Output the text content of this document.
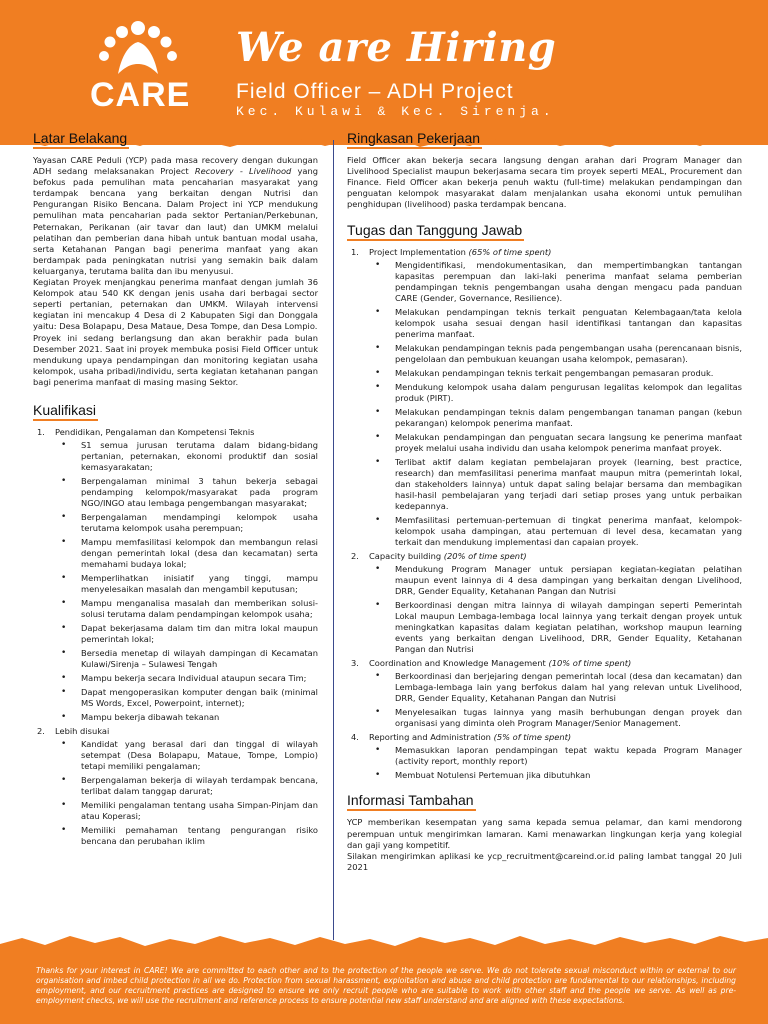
CARE
We are Hiring
Field Officer – ADH Project
Kec. Kulawi & Kec. Sirenja.
Latar Belakang

Yayasan CARE Peduli (YCP) pada masa recovery dengan dukungan ADH sedang melaksanakan Project Recovery - Livelihood yang befokus pada pemulihan mata pencaharian masyarakat yang terdampak bencana yang berkaitan dengan Nutrisi dan Pengurangan Risiko Bencana. Dalam Project ini YCP mendukung pemulihan mata pencaharian pada sektor Pertanian/Perkebunan, Peternakan, Perikanan (air tavar dan laut) dan UMKM melalui pelatihan dan pemberian dana hibah untuk bantuan modal usaha, serta Ketahanan Pangan bagi penerima manfaat yang akan berdampak pada peningkatan nutrisi yang semakin baik dalam keluarganya, terutama balita dan ibu menyusui.

Kegiatan Proyek menjangkau penerima manfaat dengan jumlah 36 Kelompok atau 540 KK dengan jenis usaha dari berbagai sector seperti pertanian, peternakan dan UMKM. Wilayah intervensi kegiatan ini mencakup 4 Desa di 2 Kabupaten Sigi dan Donggala yaitu: Desa Bolapapu, Desa Mataue, Desa Tompe, dan Desa Lompio.

Proyek ini sedang berlangsung dan akan berakhir pada bulan Desember 2021. Saat ini proyek membuka posisi Field Officer untuk mendukung upaya pendampingan dan monitoring kegiatan usaha kelompok, usaha pribadi/individu, serta kegiatan ketahanan pangan bagi penerima manfaat di masing masing Sektor.

Kualifikasi
1. Pendidikan, Pengalaman dan Kompetensi Teknis
• S1 semua jurusan terutama dalam bidang-bidang pertanian, peternakan, ekonomi produktif dan sosial kemasyarakatan;
• Berpengalaman minimal 3 tahun bekerja sebagai pendamping kelompok/masyarakat pada program NGO/INGO atau lembaga pengembangan masyarakat;
• Berpengalaman mendampingi kelompok usaha terutama kelompok usaha perempuan;
• Mampu memfasilitasi kelompok dan membangun relasi dengan pemerintah lokal (desa dan kecamatan) serta memahami budaya lokal;
• Memperlihatkan inisiatif yang tinggi, mampu menyelesaikan masalah dan mengambil keputusan;
• Mampu menganalisa masalah dan memberikan solusi-solusi terutama dalam pendampingan kelompok usaha;
• Dapat bekerjasama dalam tim dan mitra lokal maupun pemerintah lokal;
• Bersedia menetap di wilayah dampingan di Kecamatan Kulawi/Sirenja – Sulawesi Tengah
• Mampu bekerja secara Individual ataupun secara Tim;
• Dapat mengoperasikan komputer dengan baik (minimal MS Words, Excel, Powerpoint, internet);
• Mampu bekerja dibawah tekanan
2. Lebih disukai
• Kandidat yang berasal dari dan tinggal di wilayah setempat (Desa Bolapapu, Mataue, Tompe, Lompio) tetapi memiliki pengalaman;
• Berpengalaman bekerja di wilayah terdampak bencana, terlibat dalam tanggap darurat;
• Memiliki pengalaman tentang usaha Simpan-Pinjam dan atau Koperasi;
• Memiliki pemahaman tentang pengurangan risiko bencana dan perubahan iklim
Ringkasan Pekerjaan

Field Officer akan bekerja secara langsung dengan arahan dari Program Manager dan Livelihood Specialist maupun bekerjasama secara tim proyek seperti MEAL, Procurement dan Finance. Field Officer akan bekerja penuh waktu (full-time) melakukan pendampingan dan penguatan kelompok masyarakat dalam menjalankan usaha ekonomi untuk pemulihan penghidupan (livelihood) paska terdampak bencana.

Tugas dan Tanggung Jawab
1. Project Implementation (65% of time spent)
• Mengidentifikasi, mendokumentasikan, dan mempertimbangkan tantangan kapasitas perempuan dan laki-laki penerima manfaat selama pemberian pendampingan teknis pengembangan usaha dengan mengacu pada panduan CARE (Gender, Governance, Resilience).
• Melakukan pendampingan teknis terkait penguatan Kelembagaan/tata kelola kelompok usaha sesuai dengan hasil identifikasi tantangan dan kapasitas penerima manfaat.
• Melakukan pendampingan teknis pada pengembangan usaha (perencanaan bisnis, pengelolaan dan pembukuan keuangan usaha kelompok, pemasaran).
• Melakukan pendampingan teknis terkait pengembangan pemasaran produk.
• Mendukung kelompok usaha dalam pengurusan legalitas kelompok dan legalitas produk (PIRT).
• Melakukan pendampingan teknis dalam pengembangan tanaman pangan (kebun pekarangan) kelompok penerima manfaat.
• Melakukan pendampingan dan penguatan secara langsung ke penerima manfaat proyek melalui usaha individu dan usaha kelompok penerima manfaat proyek.
• Terlibat aktif dalam kegiatan pembelajaran proyek (learning, best practice, research) dan memfasilitasi penerima manfaat maupun mitra (pemerintah lokal, dan stakeholders lainnya) untuk dapat saling belajar bersama dan membagikan hasil-hasil pembelajaran yang terjadi dari setiap proses yang untuk perbaikan kedepannya.
• Memfasilitasi pertemuan-pertemuan di tingkat penerima manfaat, kelompok-kelompok usaha dampingan, atau pertemuan di level desa, kecamatan yang terkait dan mendukung implementasi dan capaian proyek.
2. Capacity building (20% of time spent)
• Mendukung Program Manager untuk persiapan kegiatan-kegiatan pelatihan maupun event lainnya di 4 desa dampingan yang berkaitan dengan Livelihood, DRR, Gender Equality, Ketahanan Pangan dan Nutrisi
• Berkoordinasi dengan mitra lainnya di wilayah dampingan seperti Pemerintah Lokal maupun Lembaga-lembaga local lainnya yang terkait dengan proyek untuk meningkatkan kapasitas dalam kegiatan pelatihan, workshop maupun learning events yang berkaitan dengan Livelihood, DRR, Gender Equality, Ketahanan Pangan dan Nutrisi
3. Coordination and Knowledge Management (10% of time spent)
• Berkoordinasi dan berjejaring dengan pemerintah local (desa dan kecamatan) dan Lembaga-lembaga lain yang berfokus dalam hal yang relevan untuk Livelihood, DRR, Gender Equality, Ketahanan Pangan dan Nutrisi
• Menyelesaikan tugas lainnya yang masih berhubungan dengan proyek dan organisasi yang diminta oleh Program Manager/Senior Management.
4. Reporting and Administration (5% of time spent)
• Memasukkan laporan pendampingan tepat waktu kepada Program Manager (activity report, monthly report)
• Membuat Notulensi Pertemuan jika dibutuhkan
Informasi Tambahan

YCP memberikan kesempatan yang sama kepada semua pelamar, dan kami mendorong perempuan untuk mengirimkan lamaran. Kami menawarkan lingkungan kerja yang kolegial dan gaji yang kompetitif.

Silakan mengirimkan aplikasi ke ycp_recruitment@careind.or.id paling lambat tanggal 20 Juli 2021

Thanks for your interest in CARE! We are committed to each other and to the protection of the people we serve. We do not tolerate sexual misconduct within or external to our organisation and imbed child protection in all we do. Protection from sexual harassment, exploitation and abuse and child protection are fundamental to our relationships, including employment, and our recruitment practices are designed to ensure we only recruit people who are suitable to work with other staff and the people we serve. As well as pre-employment checks, we will use the recruitment and reference process to ensure potential new staff understand and are aligned with these expectations.
